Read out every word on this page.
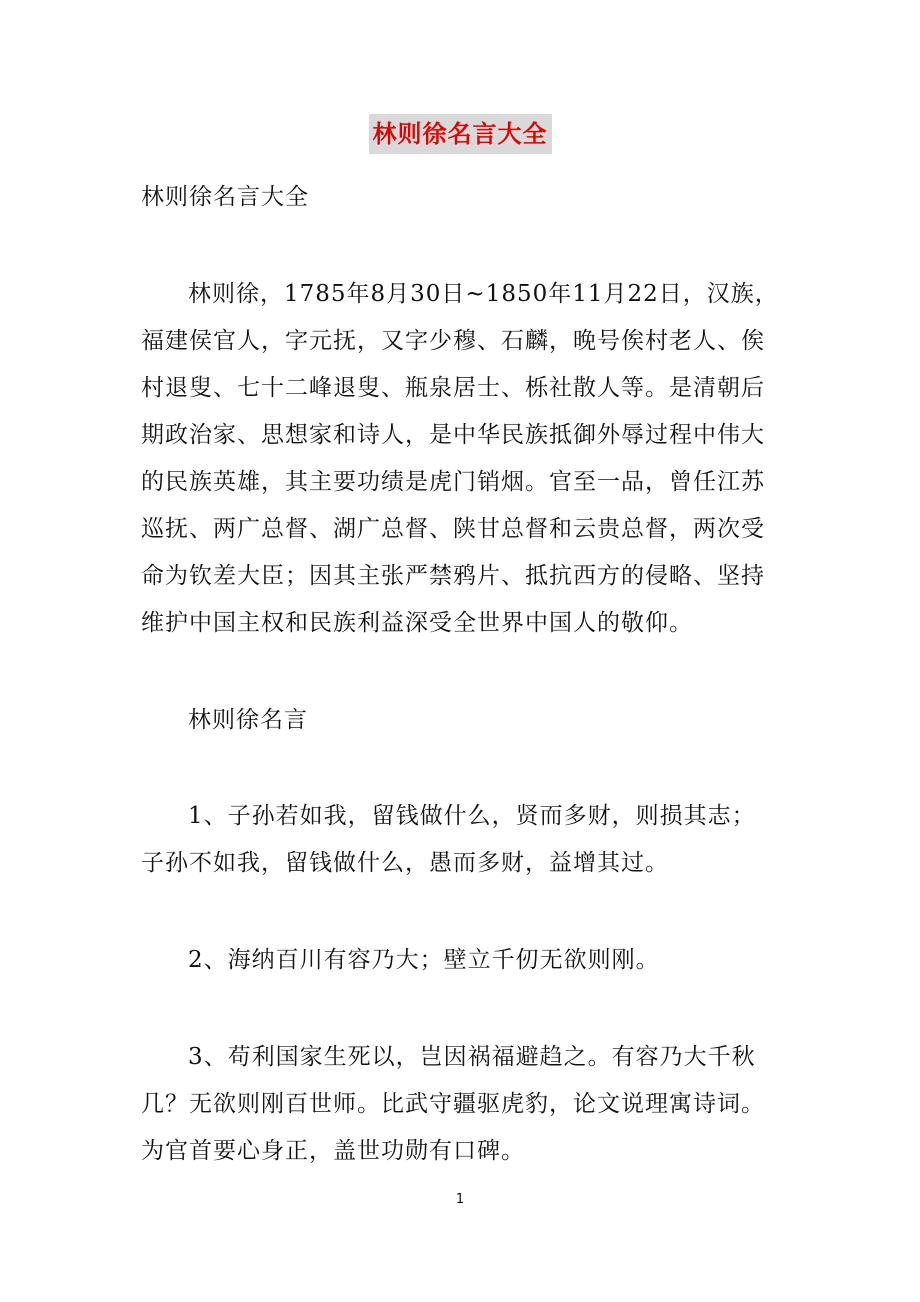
林则徐名言大全
林则徐名言大全
林则徐，1785年8月30日~1850年11月22日，汉族，
福建侯官人，字元抚，又字少穆、石麟，晚号俟村老人、俟
村退叟、七十二峰退叟、瓶泉居士、栎社散人等。是清朝后
期政治家、思想家和诗人，是中华民族抵御外辱过程中伟大
的民族英雄，其主要功绩是虎门销烟。官至一品，曾任江苏
巡抚、两广总督、湖广总督、陕甘总督和云贵总督，两次受
命为钦差大臣；因其主张严禁鸦片、抵抗西方的侵略、坚持
维护中国主权和民族利益深受全世界中国人的敬仰。
林则徐名言
1、子孙若如我，留钱做什么，贤而多财，则损其志；
子孙不如我，留钱做什么，愚而多财，益增其过。
2、海纳百川有容乃大；壁立千仞无欲则刚。
3、苟利国家生死以，岂因祸福避趋之。有容乃大千秋
几？无欲则刚百世师。比武守疆驱虎豹，论文说理寓诗词。
为官首要心身正，盖世功勋有口碑。
1
